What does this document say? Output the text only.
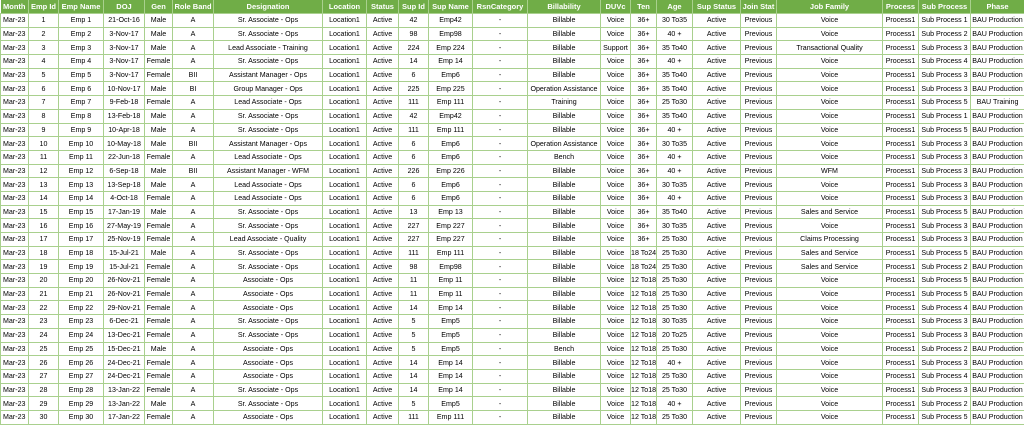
Month	Emp Id	Emp Name	DOJ	Gen	Role Band	Designation	Location	Status	Sup Id	Sup Name	RsnCategory	Billability	DUVc	Ten	Age	Sup Status	Join Stat	Job Family	Process	Sub Process	Phase
Mar-23	1	Emp 1	21-Oct-16	Male	A	Sr. Associate - Ops	Location1	Active	42	Emp42	-	Billable	Voice	36+	30 To35	Active	Previous	Voice	Process1	Sub Process 1	BAU Production
Mar-23	2	Emp 2	3-Nov-17	Male	A	Sr. Associate - Ops	Location1	Active	98	Emp98	-	Billable	Voice	36+	40 +	Active	Previous	Voice	Process1	Sub Process 2	BAU Production
Mar-23	3	Emp 3	3-Nov-17	Male	A	Lead Associate - Training	Location1	Active	224	Emp 224	-	Billable	Support	36+	35 To40	Active	Previous	Transactional Quality	Process1	Sub Process 3	BAU Production
Mar-23	4	Emp 4	3-Nov-17	Female	A	Sr. Associate - Ops	Location1	Active	14	Emp 14	-	Billable	Voice	36+	40 +	Active	Previous	Voice	Process1	Sub Process 4	BAU Production
Mar-23	5	Emp 5	3-Nov-17	Female	BII	Assistant Manager - Ops	Location1	Active	6	Emp6	-	Billable	Voice	36+	35 To40	Active	Previous	Voice	Process1	Sub Process 3	BAU Production
Mar-23	6	Emp 6	10-Nov-17	Male	BI	Group Manager - Ops	Location1	Active	225	Emp 225	-	Operation Assistance	Voice	36+	35 To40	Active	Previous	Voice	Process1	Sub Process 3	BAU Production
Mar-23	7	Emp 7	9-Feb-18	Female	A	Lead Associate - Ops	Location1	Active	111	Emp 111	-	Training	Voice	36+	25 To30	Active	Previous	Voice	Process1	Sub Process 5	BAU Training
Mar-23	8	Emp 8	13-Feb-18	Male	A	Sr. Associate - Ops	Location1	Active	42	Emp42	-	Billable	Voice	36+	35 To40	Active	Previous	Voice	Process1	Sub Process 1	BAU Production
Mar-23	9	Emp 9	10-Apr-18	Male	A	Sr. Associate - Ops	Location1	Active	111	Emp 111	-	Billable	Voice	36+	40 +	Active	Previous	Voice	Process1	Sub Process 5	BAU Production
Mar-23	10	Emp 10	10-May-18	Male	BII	Assistant Manager - Ops	Location1	Active	6	Emp6	-	Operation Assistance	Voice	36+	30 To35	Active	Previous	Voice	Process1	Sub Process 3	BAU Production
Mar-23	11	Emp 11	22-Jun-18	Female	A	Lead Associate - Ops	Location1	Active	6	Emp6	-	Bench	Voice	36+	40 +	Active	Previous	Voice	Process1	Sub Process 3	BAU Production
Mar-23	12	Emp 12	6-Sep-18	Male	BII	Assistant Manager - WFM	Location1	Active	226	Emp 226	-	Billable	Voice	36+	40 +	Active	Previous	WFM	Process1	Sub Process 3	BAU Production
Mar-23	13	Emp 13	13-Sep-18	Male	A	Lead Associate - Ops	Location1	Active	6	Emp6	-	Billable	Voice	36+	30 To35	Active	Previous	Voice	Process1	Sub Process 3	BAU Production
Mar-23	14	Emp 14	4-Oct-18	Female	A	Lead Associate - Ops	Location1	Active	6	Emp6	-	Billable	Voice	36+	40 +	Active	Previous	Voice	Process1	Sub Process 3	BAU Production
Mar-23	15	Emp 15	17-Jan-19	Male	A	Sr. Associate - Ops	Location1	Active	13	Emp 13	-	Billable	Voice	36+	35 To40	Active	Previous	Sales and Service	Process1	Sub Process 5	BAU Production
Mar-23	16	Emp 16	27-May-19	Female	A	Sr. Associate - Ops	Location1	Active	227	Emp 227	-	Billable	Voice	36+	30 To35	Active	Previous	Voice	Process1	Sub Process 3	BAU Production
Mar-23	17	Emp 17	25-Nov-19	Female	A	Lead Associate - Quality	Location1	Active	227	Emp 227	-	Billable	Voice	36+	25 To30	Active	Previous	Claims Processing	Process1	Sub Process 3	BAU Production
Mar-23	18	Emp 18	15-Jul-21	Male	A	Sr. Associate - Ops	Location1	Active	111	Emp 111	-	Billable	Voice	18 To24	25 To30	Active	Previous	Sales and Service	Process1	Sub Process 5	BAU Production
Mar-23	19	Emp 19	15-Jul-21	Female	A	Sr. Associate - Ops	Location1	Active	98	Emp98	-	Billable	Voice	18 To24	25 To30	Active	Previous	Sales and Service	Process1	Sub Process 2	BAU Production
Mar-23	20	Emp 20	26-Nov-21	Female	A	Associate - Ops	Location1	Active	11	Emp 11	-	Billable	Voice	12 To18	25 To30	Active	Previous	Voice	Process1	Sub Process 5	BAU Production
Mar-23	21	Emp 21	26-Nov-21	Female	A	Associate - Ops	Location1	Active	11	Emp 11	-	Billable	Voice	12 To18	25 To30	Active	Previous	Voice	Process1	Sub Process 5	BAU Production
Mar-23	22	Emp 22	29-Nov-21	Female	A	Associate - Ops	Location1	Active	14	Emp 14	-	Billable	Voice	12 To18	25 To30	Active	Previous	Voice	Process1	Sub Process 4	BAU Production
Mar-23	23	Emp 23	6-Dec-21	Female	A	Sr. Associate - Ops	Location1	Active	5	Emp5	-	Billable	Voice	12 To18	30 To35	Active	Previous	Voice	Process1	Sub Process 3	BAU Production
Mar-23	24	Emp 24	13-Dec-21	Female	A	Sr. Associate - Ops	Location1	Active	5	Emp5	-	Billable	Voice	12 To18	20 To25	Active	Previous	Voice	Process1	Sub Process 3	BAU Production
Mar-23	25	Emp 25	15-Dec-21	Male	A	Associate - Ops	Location1	Active	5	Emp5	-	Bench	Voice	12 To18	25 To30	Active	Previous	Voice	Process1	Sub Process 2	BAU Production
Mar-23	26	Emp 26	24-Dec-21	Female	A	Associate - Ops	Location1	Active	14	Emp 14	-	Billable	Voice	12 To18	40 +	Active	Previous	Voice	Process1	Sub Process 3	BAU Production
Mar-23	27	Emp 27	24-Dec-21	Female	A	Associate - Ops	Location1	Active	14	Emp 14	-	Billable	Voice	12 To18	25 To30	Active	Previous	Voice	Process1	Sub Process 4	BAU Production
Mar-23	28	Emp 28	13-Jan-22	Female	A	Sr. Associate - Ops	Location1	Active	14	Emp 14	-	Billable	Voice	12 To18	25 To30	Active	Previous	Voice	Process1	Sub Process 3	BAU Production
Mar-23	29	Emp 29	13-Jan-22	Male	A	Sr. Associate - Ops	Location1	Active	5	Emp5	-	Billable	Voice	12 To18	40 +	Active	Previous	Voice	Process1	Sub Process 2	BAU Production
Mar-23	30	Emp 30	17-Jan-22	Female	A	Associate - Ops	Location1	Active	111	Emp 111	-	Billable	Voice	12 To18	25 To30	Active	Previous	Voice	Process1	Sub Process 5	BAU Production
